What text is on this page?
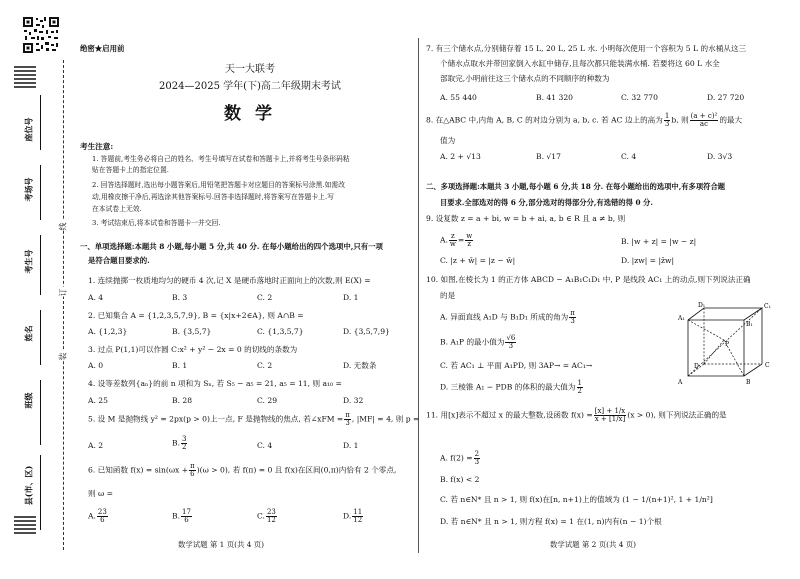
座位号
考场号
考生号
姓名
班级
县(市、区)
线
订
装
绝密★启用前
天一大联考
2024—2025 学年(下)高二年级期末考试
数 学
考生注意:
1. 答题前,考生务必将自己的姓名、考生号填写在试卷和答题卡上,并将考生号条形码粘
贴在答题卡上的指定位置.
2. 回答选择题时,选出每小题答案后,用铅笔把答题卡对应题目的答案标号涂黑.如需改
动,用橡皮擦干净后,再选涂其他答案标号.回答非选择题时,将答案写在答题卡上.写
在本试卷上无效.
3. 考试结束后,将本试卷和答题卡一并交回.
一、单项选择题:本题共 8 小题,每小题 5 分,共 40 分. 在每小题给出的四个选项中,只有一项
是符合题目要求的.
1. 连续抛掷一枚质地均匀的硬币 4 次,记 X 是硬币落地时正面向上的次数,则 E(X) =
A. 4	B. 3	C. 2	D. 1
2. 已知集合 A = {1,2,3,5,7,9}, B = {x|x+2∈A}, 则 A∩B =
A. {1,2,3}	B. {3,5,7}	C. {1,3,5,7}	D. {3,5,7,9}
3. 过点 P(1,1)可以作圆 C:x² + y² − 2x = 0 的切线的条数为
A. 0	B. 1	C. 2	D. 无数条
4. 设等差数列{aₙ}的前 n 项和为 Sₙ, 若 S₅ − a₅ = 21, a₅ = 11, 则 a₁₀ =
A. 25	B. 28	C. 29	D. 32
5. 设 M 是抛物线 y² = 2px(p > 0)上一点, F 是抛物线的焦点, 若∠xFM = $\frac{\pi}{3}$ , |MF| = 4, 则 p =
A. 2	B. $\frac{3}{2}$	C. 4	D. 1
6. 已知函数 $f(x) = \sin(\omega x + \frac{\pi}{6} )(\omega > 0)$, 若 f(π) = 0 且 f(x)在区间(0,π)内恰有 2 个零点,
则 ω =
A. $\frac{23}{6}$	B. $\frac{17}{6}$	C. $\frac{23}{12}$	D. $\frac{11}{12}$
数学试题 第 1 页(共 4 页)
7. 有三个储水点,分别储存着 15 L, 20 L, 25 L 水. 小明每次使用一个容积为 5 L 的水桶从这三
个储水点取水并带回家倒入水缸中储存,且每次都只能装满水桶. 若要将这 60 L 水全
部取完,小明前往这三个储水点的不同顺序的种数为
A. 55 440	B. 41 320	C. 32 770	D. 27 720
8. 在△ABC 中,内角 A, B, C 的对边分别为 a, b, c. 若 AC 边上的高为 $\frac{1}{3} b$, 则 $\frac{\text{(a + c)²}}{ac}$ 的最大
值为
A. 2 + √13	B. √17	C. 4	D. 3√3
二、多项选择题:本题共 3 小题,每小题 6 分,共 18 分. 在每小题给出的选项中,有多项符合题
目要求.全部选对的得 6 分,部分选对的得部分分,有选错的得 0 分.
9. 设复数 z = a + bi, w = b + ai, a, b ∈ R 且 a ≠ b, 则
A. $\frac{z}{w} = \frac{w}{z}$	B. |w + z| = |w − z|
C. |z + w̄| = |z − w̄|	D. |zw| = |z̄w|
10. 如图,在棱长为 1 的正方体 ABCD − A₁B₁C₁D₁ 中, P 是线段 AC₁ 上的动点,则下列说法正确
的是
A. 异面直线 A₁D 与 B₁D₁ 所成的角为 $\frac{\pi}{3}$
B. A₁P 的最小值为 $\frac{√6}{3}$
C. 若 AC₁ ⊥ 平面 A₁PD, 则 3AP→ = AC₁→
D. 三棱锥 A₁ − PDB 的体积的最大值为 $\frac{1}{2}$	A	B
C
D
A₁
B₁
C₁
D₁
P
11. 用[x]表示不超过 x 的最大整数,设函数 $f(x) = \frac{[x] + 1/x}{x + [1/x]} (x > 0)$, 则下列说法正确的是
A. $f(2) = \frac{2}{3}$
B. f(x) < 2
C. 若 n∈N* 且 n > 1, 则 f(x)在[n, n+1)上的值域为 (1 − 1/(n+1)², 1 + 1/n²]
D. 若 n∈N* 且 n > 1, 则方程 f(x) = 1 在(1, n)内有(n − 1)个根
数学试题 第 2 页(共 4 页)
